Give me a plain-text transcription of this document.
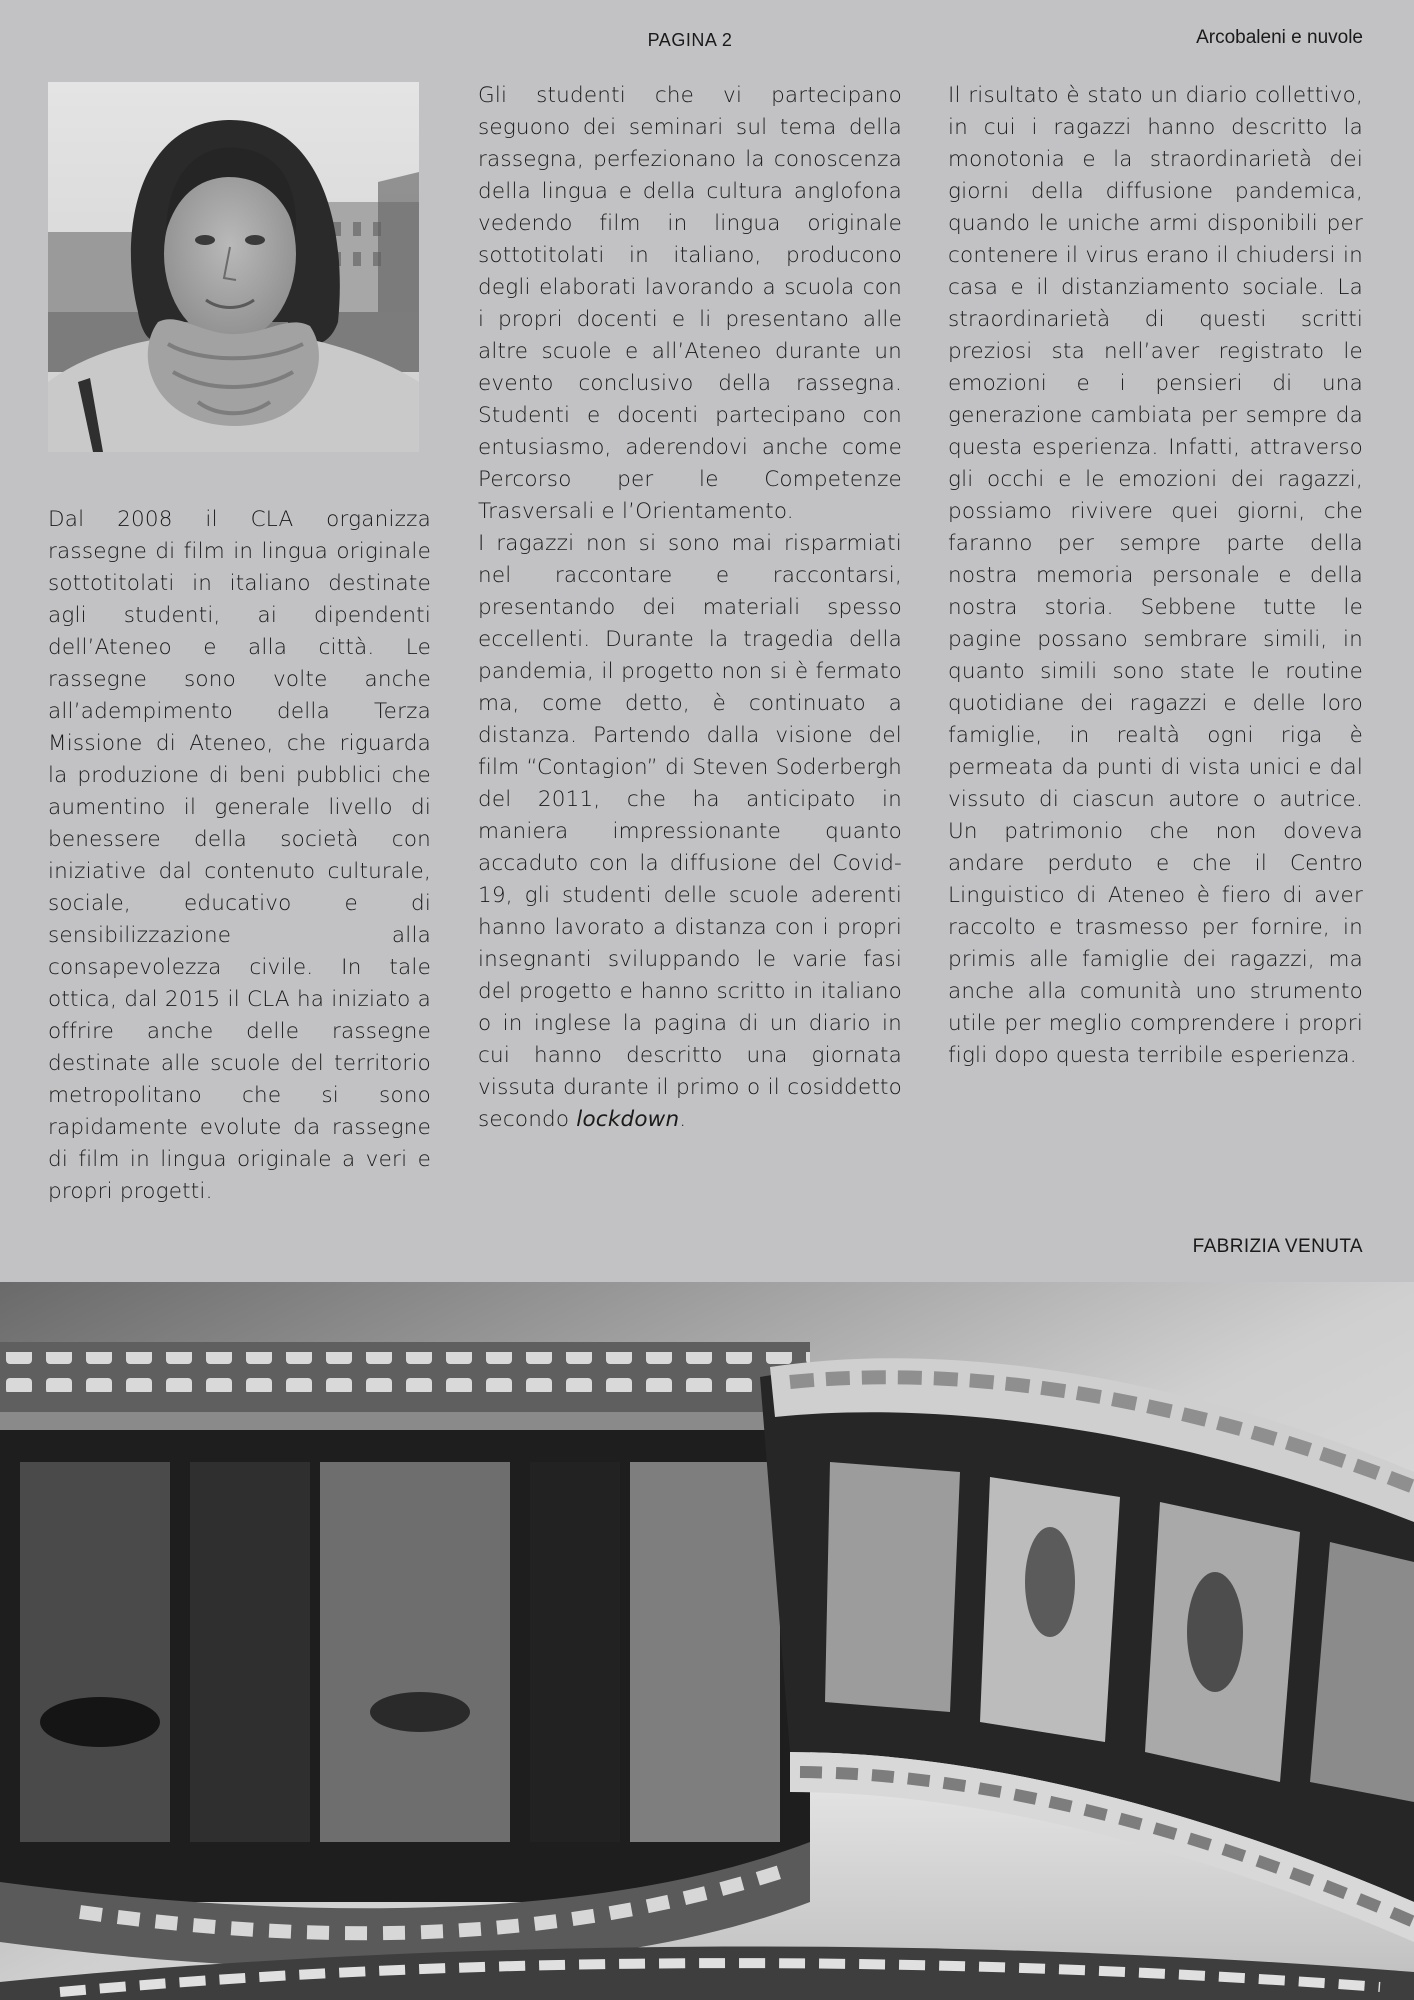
PAGINA 2	Arcobaleni e nuvole

Dal 2008 il CLA organizza rassegne di film in lingua originale sottotitolati in italiano destinate agli studenti, ai dipendenti dell’Ateneo e alla città. Le rassegne sono volte anche all’adempimento della Terza Missione di Ateneo, che riguarda la produzione di beni pubblici che aumentino il generale livello di benessere della società con iniziative dal contenuto culturale, sociale, educativo e di sensibilizzazione alla consapevolezza civile. In tale ottica, dal 2015 il CLA ha iniziato a offrire anche delle rassegne destinate alle scuole del territorio metropolitano che si sono rapidamente evolute da rassegne di film in lingua originale a veri e propri progetti.

Gli studenti che vi partecipano seguono dei seminari sul tema della rassegna, perfezionano la conoscenza della lingua e della cultura anglofona vedendo film in lingua originale sottotitolati in italiano, producono degli elaborati lavorando a scuola con i propri docenti e li presentano alle altre scuole e all’Ateneo durante un evento conclusivo della rassegna. Studenti e docenti partecipano con entusiasmo, aderendovi anche come Percorso per le Competenze Trasversali e l’Orientamento.

I ragazzi non si sono mai risparmiati nel raccontare e raccontarsi, presentando dei materiali spesso eccellenti. Durante la tragedia della pandemia, il progetto non si è fermato ma, come detto, è continuato a distanza. Partendo dalla visione del film “Contagion” di Steven Soderbergh del 2011, che ha anticipato in maniera impressionante quanto accaduto con la diffusione del Covid-19, gli studenti delle scuole aderenti hanno lavorato a distanza con i propri insegnanti sviluppando le varie fasi del progetto e hanno scritto in italiano o in inglese la pagina di un diario in cui hanno descritto una giornata vissuta durante il primo o il cosiddetto secondo lockdown.

Il risultato è stato un diario collettivo, in cui i ragazzi hanno descritto la monotonia e la straordinarietà dei giorni della diffusione pandemica, quando le uniche armi disponibili per contenere il virus erano il chiudersi in casa e il distanziamento sociale. La straordinarietà di questi scritti preziosi sta nell’aver registrato le emozioni e i pensieri di una generazione cambiata per sempre da questa esperienza. Infatti, attraverso gli occhi e le emozioni dei ragazzi, possiamo rivivere quei giorni, che faranno per sempre parte della nostra memoria personale e della nostra storia. Sebbene tutte le pagine possano sembrare simili, in quanto simili sono state le routine quotidiane dei ragazzi e delle loro famiglie, in realtà ogni riga è permeata da punti di vista unici e dal vissuto di ciascun autore o autrice. Un patrimonio che non doveva andare perduto e che il Centro Linguistico di Ateneo è fiero di aver raccolto e trasmesso per fornire, in primis alle famiglie dei ragazzi, ma anche alla comunità uno strumento utile per meglio comprendere i propri figli dopo questa terribile esperienza.

FABRIZIA VENUTA
